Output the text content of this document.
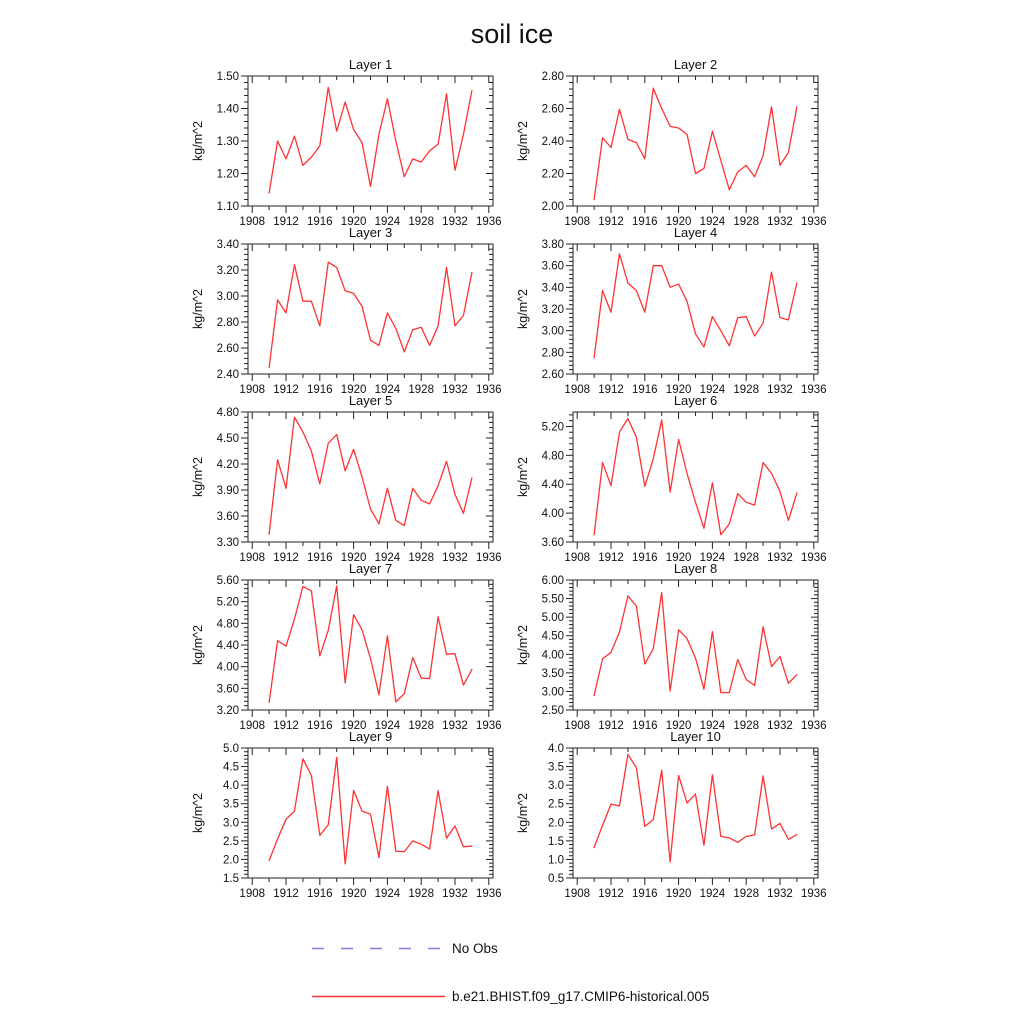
soil ice
1908 1912 1916 1920 1924 1928 1932 1936
1.10
1.20
1.30
1.40
1.50
Layer 1
kg/m^2
1908 1912 1916 1920 1924 1928 1932 1936
2.00
2.20
2.40
2.60
2.80
Layer 2
kg/m^2
1908 1912 1916 1920 1924 1928 1932 1936
2.40
2.60
2.80
3.00
3.20
3.40
Layer 3
kg/m^2
1908 1912 1916 1920 1924 1928 1932 1936
2.60
2.80
3.00
3.20
3.40
3.60
3.80
Layer 4
kg/m^2
1908 1912 1916 1920 1924 1928 1932 1936
3.30
3.60
3.90
4.20
4.50
4.80
Layer 5
kg/m^2
1908 1912 1916 1920 1924 1928 1932 1936
3.60
4.00
4.40
4.80
5.20
Layer 6
kg/m^2
1908 1912 1916 1920 1924 1928 1932 1936
3.20
3.60
4.00
4.40
4.80
5.20
5.60
Layer 7
kg/m^2
1908 1912 1916 1920 1924 1928 1932 1936
2.50
3.00
3.50
4.00
4.50
5.00
5.50
6.00
Layer 8
kg/m^2
1908 1912 1916 1920 1924 1928 1932 1936
1.5
2.0
2.5
3.0
3.5
4.0
4.5
5.0
Layer 9
kg/m^2
1908 1912 1916 1920 1924 1928 1932 1936
0.5
1.0
1.5
2.0
2.5
3.0
3.5
4.0
Layer 10
kg/m^2
No Obs
b.e21.BHIST.f09_g17.CMIP6-historical.005
